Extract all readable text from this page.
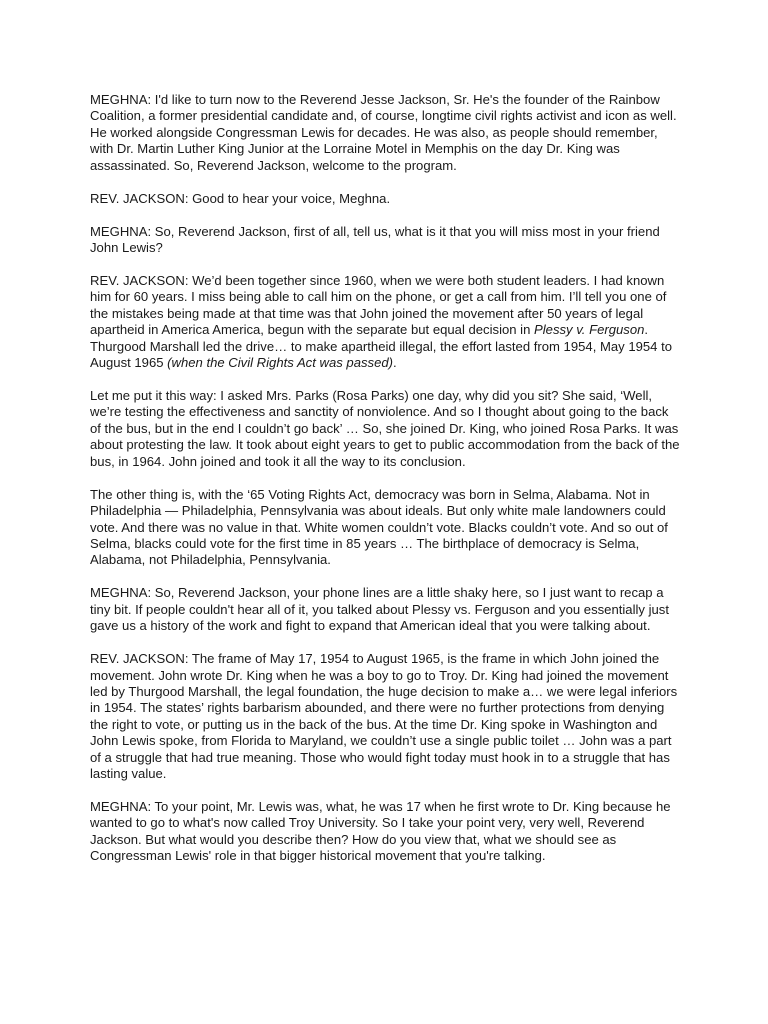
MEGHNA: I'd like to turn now to the Reverend Jesse Jackson, Sr. He's the founder of the Rainbow Coalition, a former presidential candidate and, of course, longtime civil rights activist and icon as well. He worked alongside Congressman Lewis for decades. He was also, as people should remember, with Dr. Martin Luther King Junior at the Lorraine Motel in Memphis on the day Dr. King was assassinated. So, Reverend Jackson, welcome to the program.

REV. JACKSON: Good to hear your voice, Meghna.

MEGHNA: So, Reverend Jackson, first of all, tell us, what is it that you will miss most in your friend John Lewis?

REV. JACKSON: We’d been together since 1960, when we were both student leaders. I had known him for 60 years. I miss being able to call him on the phone, or get a call from him. I’ll tell you one of the mistakes being made at that time was that John joined the movement after 50 years of legal apartheid in America America, begun with the separate but equal decision in Plessy v. Ferguson. Thurgood Marshall led the drive… to make apartheid illegal, the effort lasted from 1954, May 1954 to August 1965 (when the Civil Rights Act was passed).

Let me put it this way: I asked Mrs. Parks (Rosa Parks) one day, why did you sit? She said, ‘Well, we’re testing the effectiveness and sanctity of nonviolence. And so I thought about going to the back of the bus, but in the end I couldn’t go back’ … So, she joined Dr. King, who joined Rosa Parks. It was about protesting the law. It took about eight years to get to public accommodation from the back of the bus, in 1964. John joined and took it all the way to its conclusion.

The other thing is, with the ‘65 Voting Rights Act, democracy was born in Selma, Alabama. Not in Philadelphia — Philadelphia, Pennsylvania was about ideals. But only white male landowners could vote. And there was no value in that. White women couldn’t vote. Blacks couldn’t vote. And so out of Selma, blacks could vote for the first time in 85 years … The birthplace of democracy is Selma, Alabama, not Philadelphia, Pennsylvania.

MEGHNA: So, Reverend Jackson, your phone lines are a little shaky here, so I just want to recap a tiny bit. If people couldn't hear all of it, you talked about Plessy vs. Ferguson and you essentially just gave us a history of the work and fight to expand that American ideal that you were talking about.

REV. JACKSON: The frame of May 17, 1954 to August 1965, is the frame in which John joined the movement. John wrote Dr. King when he was a boy to go to Troy. Dr. King had joined the movement led by Thurgood Marshall, the legal foundation, the huge decision to make a… we were legal inferiors in 1954. The states’ rights barbarism abounded, and there were no further protections from denying the right to vote, or putting us in the back of the bus. At the time Dr. King spoke in Washington and John Lewis spoke, from Florida to Maryland, we couldn’t use a single public toilet … John was a part of a struggle that had true meaning. Those who would fight today must hook in to a struggle that has lasting value.

MEGHNA: To your point, Mr. Lewis was, what, he was 17 when he first wrote to Dr. King because he wanted to go to what's now called Troy University. So I take your point very, very well, Reverend Jackson. But what would you describe then? How do you view that, what we should see as Congressman Lewis' role in that bigger historical movement that you're talking.
